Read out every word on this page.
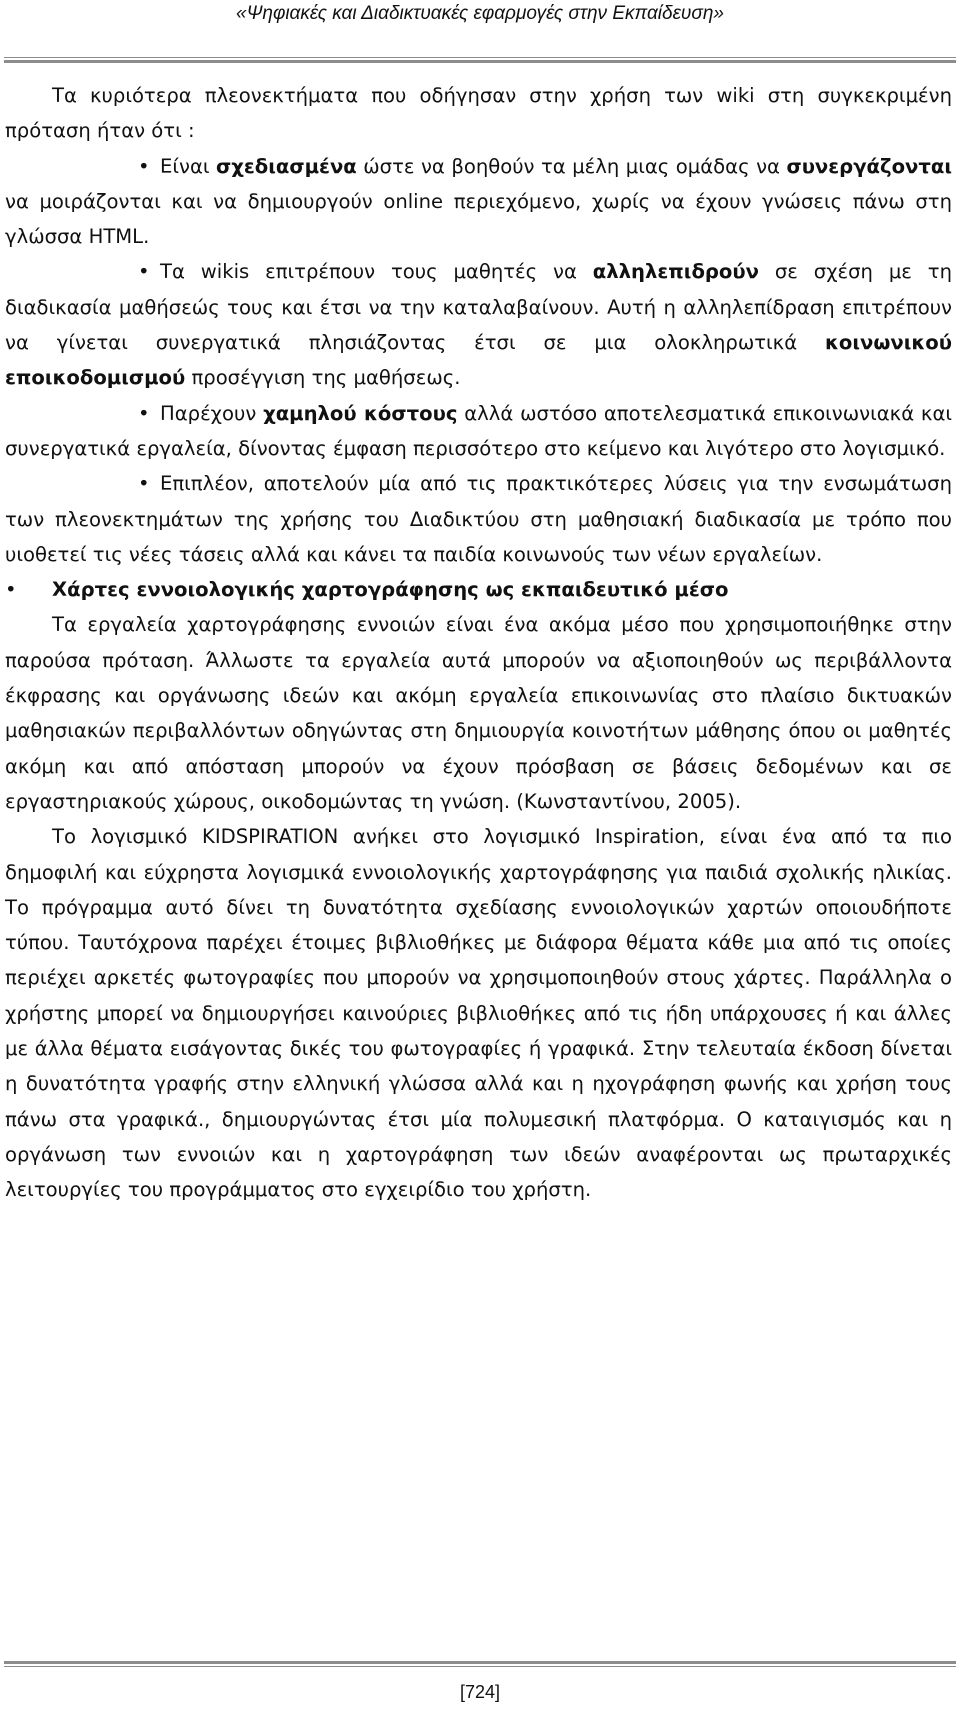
«Ψηφιακές και Διαδικτυακές εφαρμογές στην Εκπαίδευση»

Τα κυριότερα πλεονεκτήματα που οδήγησαν στην χρήση των wiki στη συγκεκριμένη πρόταση ήταν ότι :

• Είναι σχεδιασμένα ώστε να βοηθούν τα μέλη μιας ομάδας να συνεργάζονται να μοιράζονται και να δημιουργούν online περιεχόμενο, χωρίς να έχουν γνώσεις πάνω στη γλώσσα HTML.

• Τα wikis επιτρέπουν τους μαθητές να αλληλεπιδρούν σε σχέση με τη διαδικασία μαθήσεώς τους και έτσι να την καταλαβαίνουν. Αυτή η αλληλεπίδραση επιτρέπουν να γίνεται συνεργατικά πλησιάζοντας έτσι σε μια ολοκληρωτικά κοινωνικού εποικοδομισμού προσέγγιση της μαθήσεως.

• Παρέχουν χαμηλού κόστους αλλά ωστόσο αποτελεσματικά επικοινωνιακά και συνεργατικά εργαλεία, δίνοντας έμφαση περισσότερο στο κείμενο και λιγότερο στο λογισμικό.

• Επιπλέον, αποτελούν μία από τις πρακτικότερες λύσεις για την ενσωμάτωση των πλεονεκτημάτων της χρήσης του Διαδικτύου στη μαθησιακή διαδικασία με τρόπο που υιοθετεί τις νέες τάσεις αλλά και κάνει τα παιδία κοινωνούς των νέων εργαλείων.

• Χάρτες εννοιολογικής χαρτογράφησης ως εκπαιδευτικό μέσο

Τα εργαλεία χαρτογράφησης εννοιών είναι ένα ακόμα μέσο που χρησιμοποιήθηκε στην παρούσα πρόταση. Άλλωστε τα εργαλεία αυτά μπορούν να αξιοποιηθούν ως περιβάλλοντα έκφρασης και οργάνωσης ιδεών και ακόμη εργαλεία επικοινωνίας στο πλαίσιο δικτυακών μαθησιακών περιβαλλόντων οδηγώντας στη δημιουργία κοινοτήτων μάθησης όπου οι μαθητές ακόμη και από απόσταση μπορούν να έχουν πρόσβαση σε βάσεις δεδομένων και σε εργαστηριακούς χώρους, οικοδομώντας τη γνώση. (Κωνσταντίνου, 2005).

Το λογισμικό KIDSPIRATION ανήκει στο λογισμικό Inspiration, είναι ένα από τα πιο δημοφιλή και εύχρηστα λογισμικά εννοιολογικής χαρτογράφησης για παιδιά σχολικής ηλικίας. Το πρόγραμμα αυτό δίνει τη δυνατότητα σχεδίασης εννοιολογικών χαρτών οποιουδήποτε τύπου. Ταυτόχρονα παρέχει έτοιμες βιβλιοθήκες με διάφορα θέματα κάθε μια από τις οποίες περιέχει αρκετές φωτογραφίες που μπορούν να χρησιμοποιηθούν στους χάρτες. Παράλληλα ο χρήστης μπορεί να δημιουργήσει καινούριες βιβλιοθήκες από τις ήδη υπάρχουσες ή και άλλες με άλλα θέματα εισάγοντας δικές του φωτογραφίες ή γραφικά. Στην τελευταία έκδοση δίνεται η δυνατότητα γραφής στην ελληνική γλώσσα αλλά και η ηχογράφηση φωνής και χρήση τους πάνω στα γραφικά., δημιουργώντας έτσι μία πολυμεσική πλατφόρμα. Ο καταιγισμός και η οργάνωση των εννοιών και η χαρτογράφηση των ιδεών αναφέρονται ως πρωταρχικές λειτουργίες του προγράμματος στο εγχειρίδιο του χρήστη.

[724]
